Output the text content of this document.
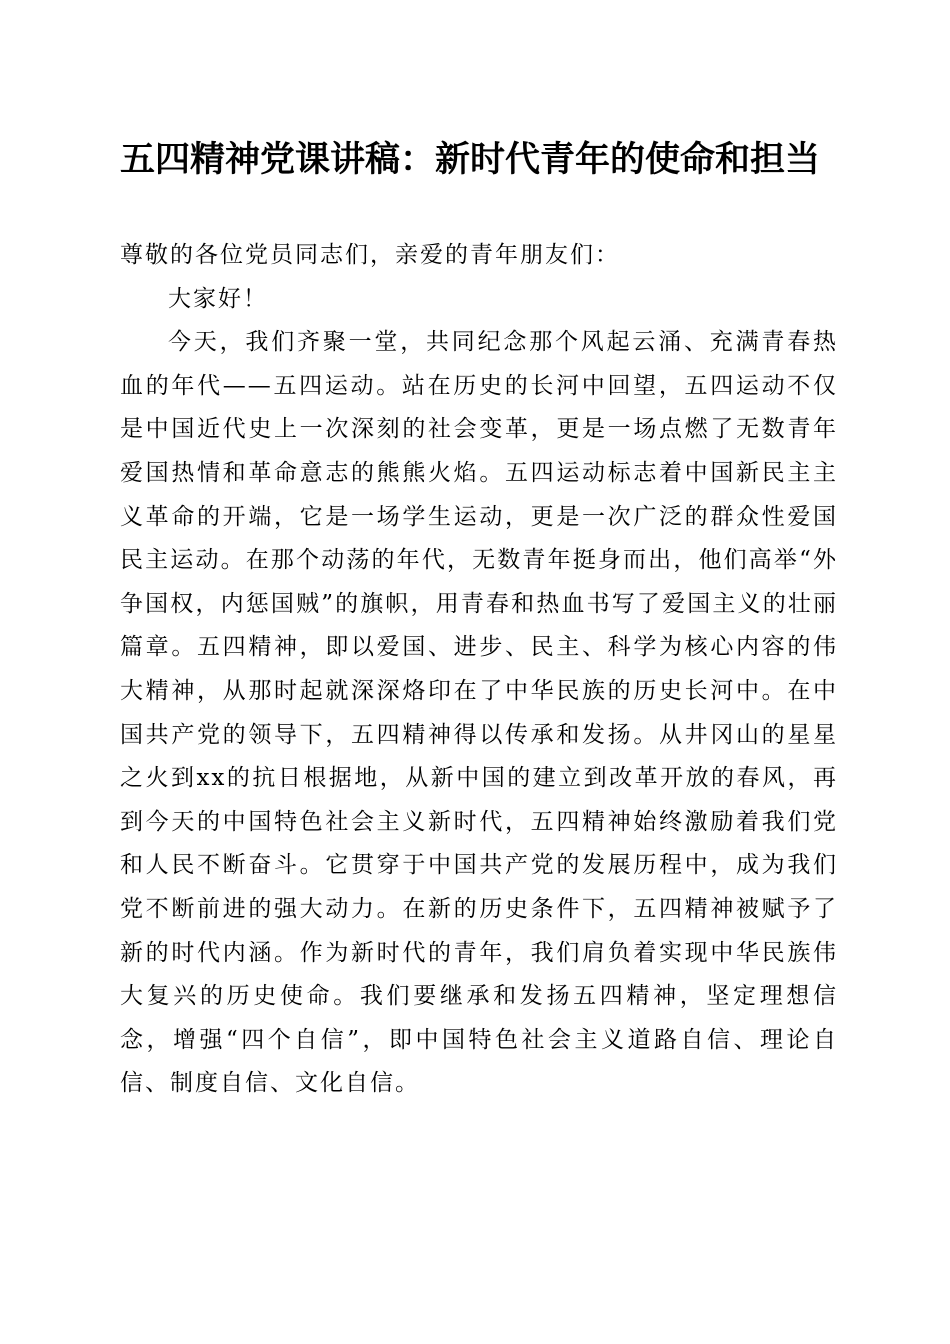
五四精神党课讲稿：新时代青年的使命和担当

尊敬的各位党员同志们，亲爱的青年朋友们：

大家好！

今天，我们齐聚一堂，共同纪念那个风起云涌、充满青春热血的年代——五四运动。站在历史的长河中回望，五四运动不仅是中国近代史上一次深刻的社会变革，更是一场点燃了无数青年爱国热情和革命意志的熊熊火焰。五四运动标志着中国新民主主义革命的开端，它是一场学生运动，更是一次广泛的群众性爱国民主运动。在那个动荡的年代，无数青年挺身而出，他们高举“外争国权，内惩国贼”的旗帜，用青春和热血书写了爱国主义的壮丽篇章。五四精神，即以爱国、进步、民主、科学为核心内容的伟大精神，从那时起就深深烙印在了中华民族的历史长河中。在中国共产党的领导下，五四精神得以传承和发扬。从井冈山的星星之火到xx的抗日根据地，从新中国的建立到改革开放的春风，再到今天的中国特色社会主义新时代，五四精神始终激励着我们党和人民不断奋斗。它贯穿于中国共产党的发展历程中，成为我们党不断前进的强大动力。在新的历史条件下，五四精神被赋予了新的时代内涵。作为新时代的青年，我们肩负着实现中华民族伟大复兴的历史使命。我们要继承和发扬五四精神，坚定理想信念，增强“四个自信”，即中国特色社会主义道路自信、理论自信、制度自信、文化自信。
